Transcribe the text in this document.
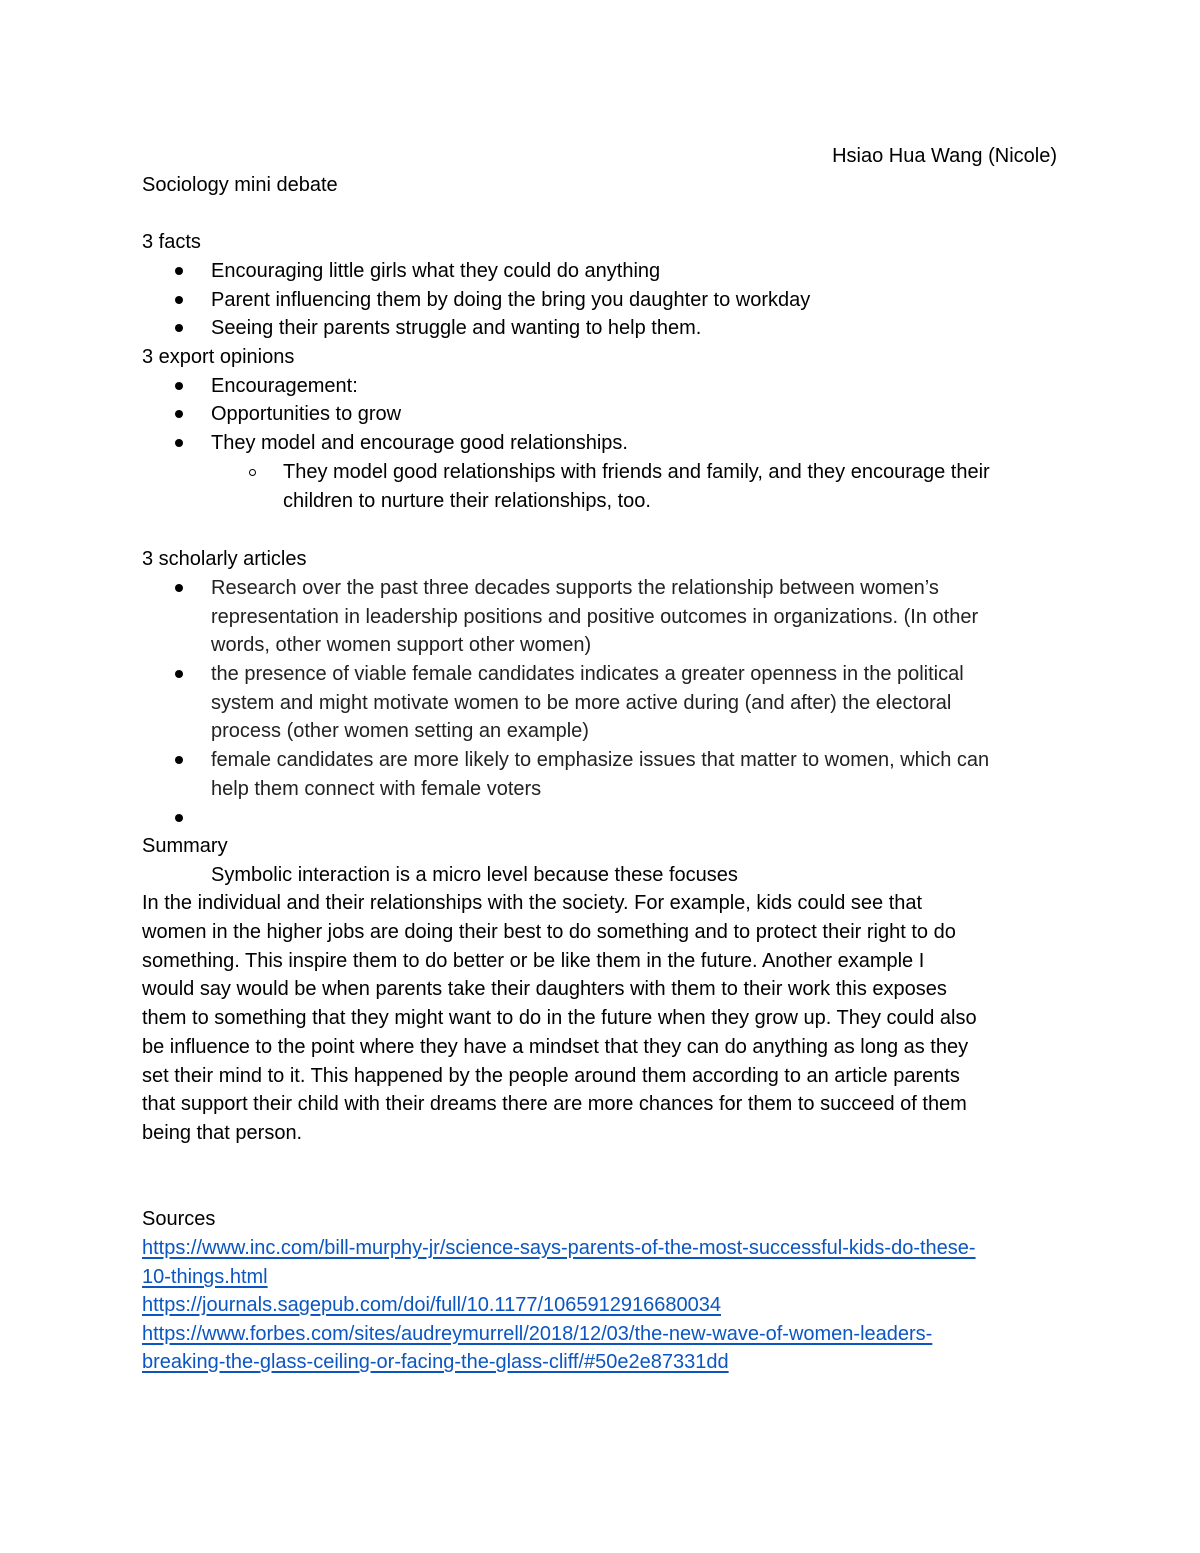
Hsiao Hua Wang (Nicole)

Sociology mini debate

3 facts

Encouraging little girls what they could do anything

Parent influencing them by doing the bring you daughter to workday

Seeing their parents struggle and wanting to help them.

3 export opinions

Encouragement:

Opportunities to grow

They model and encourage good relationships.

They model good relationships with friends and family, and they encourage their

children to nurture their relationships, too.

3 scholarly articles

Research over the past three decades supports the relationship between women’s

representation in leadership positions and positive outcomes in organizations. (In other

words, other women support other women)

the presence of viable female candidates indicates a greater openness in the political

system and might motivate women to be more active during (and after) the electoral

process (other women setting an example)

female candidates are more likely to emphasize issues that matter to women, which can

help them connect with female voters

Summary

Symbolic interaction is a micro level because these focuses

In the individual and their relationships with the society. For example, kids could see that

women in the higher jobs are doing their best to do something and to protect their right to do

something. This inspire them to do better or be like them in the future. Another example I

would say would be when parents take their daughters with them to their work this exposes

them to something that they might want to do in the future when they grow up. They could also

be influence to the point where they have a mindset that they can do anything as long as they

set their mind to it. This happened by the people around them according to an article parents

that support their child with their dreams there are more chances for them to succeed of them

being that person.

Sources

https://www.inc.com/bill-murphy-jr/science-says-parents-of-the-most-successful-kids-do-these-

10-things.html

https://journals.sagepub.com/doi/full/10.1177/1065912916680034

https://www.forbes.com/sites/audreymurrell/2018/12/03/the-new-wave-of-women-leaders-

breaking-the-glass-ceiling-or-facing-the-glass-cliff/#50e2e87331dd
